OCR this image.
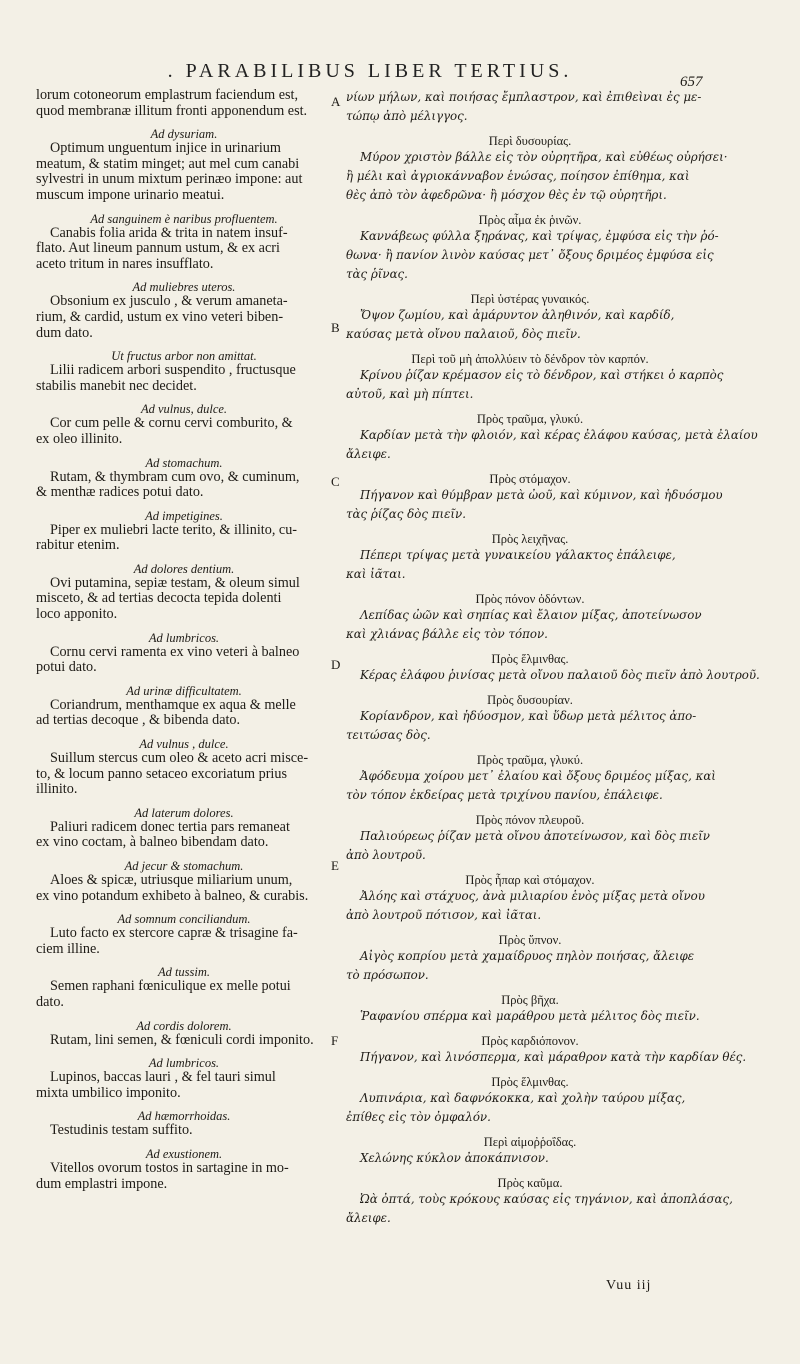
. PARABILIBUS LIBER TERTIUS.	657
lorum cotoneorum emplastrum faciendum est,
quod membranæ illitum fronti apponendum est.

Ad dysuriam.

Optimum unguentum injice in urinarium
meatum, & statim minget; aut mel cum canabi
sylvestri in unum mixtum perinæo impone: aut
muscum impone urinario meatui.

Ad sanguinem è naribus profluentem.

Canabis folia arida & trita in natem insuf-
flato. Aut lineum pannum ustum, & ex acri
aceto tritum in nares insufflato.

Ad muliebres uteros.

Obsonium ex jusculo , & verum amaneta-
rium, & cardid, ustum ex vino veteri biben-
dum dato.

Ut fructus arbor non amittat.

Lilii radicem arbori suspendito , fructusque
stabilis manebit nec decidet.

Ad vulnus, dulce.

Cor cum pelle & cornu cervi comburito, &
ex oleo illinito.

Ad stomachum.

Rutam, & thymbram cum ovo, & cuminum,
& menthæ radices potui dato.

Ad impetigines.

Piper ex muliebri lacte terito, & illinito, cu-
rabitur etenim.

Ad dolores dentium.

Ovi putamina, sepiæ testam, & oleum simul
misceto, & ad tertias decocta tepida dolenti
loco apponito.

Ad lumbricos.

Cornu cervi ramenta ex vino veteri à balneo
potui dato.

Ad urinæ difficultatem.

Coriandrum, menthamque ex aqua & melle
ad tertias decoque , & bibenda dato.

Ad vulnus , dulce.

Suillum stercus cum oleo & aceto acri misce-
to, & locum panno setaceo excoriatum prius
illinito.

Ad laterum dolores.

Paliuri radicem donec tertia pars remaneat
ex vino coctam, à balneo bibendam dato.

Ad jecur & stomachum.

Aloes & spicæ, utriusque miliarium unum,
ex vino potandum exhibeto à balneo, & curabis.

Ad somnum conciliandum.

Luto facto ex stercore capræ & trisagine fa-
ciem illine.

Ad tussim.

Semen raphani fœniculique ex melle potui
dato.

Ad cordis dolorem.

Rutam, lini semen, & fœniculi cordi imponito.

Ad lumbricos.

Lupinos, baccas lauri , & fel tauri simul
mixta umbilico imponito.

Ad hæmorrhoidas.

Testudinis testam suffito.

Ad exustionem.

Vitellos ovorum tostos in sartagine in mo-
dum emplastri impone.
νίων μήλων, καὶ ποιήσας ἔμπλαστρον, καὶ ἐπιθεὶναι ἐς με-
τώπῳ ἀπὸ μέλιγγος.

Περὶ δυσουρίας.

Μύρον χριστὸν βάλλε εἰς τὸν οὐρητῆρα, καὶ εὐθέως οὐρήσει·
ἢ μέλι καὶ ἀγριοκάνναβον ἑνώσας, ποίησον ἐπίθημα, καὶ
θὲς ἀπὸ τὸν ἀφεδρῶνα· ἢ μόσχον θὲς ἐν τῷ οὐρητῆρι.

Πρὸς αἷμα ἐκ ῥινῶν.

Καννάβεως φύλλα ξηράνας, καὶ τρίψας, ἐμφύσα εἰς τὴν ῥό-
θωνα· ἢ πανίον λινὸν καύσας μετ᾽ ὄξους δριμέος ἐμφύσα εἰς
τὰς ῥῖνας.

Περὶ ὑστέρας γυναικός.

Ὄψον ζωμίου, καὶ ἀμάρυντον ἀληθινόν, καὶ καρδίδ,
καύσας μετὰ οἴνου παλαιοῦ, δὸς πιεῖν.

Περὶ τοῦ μὴ ἀπολλύειν τὸ δένδρον τὸν καρπόν.

Κρίνου ῥίζαν κρέμασον εἰς τὸ δένδρον, καὶ στήκει ὁ καρπὸς
αὐτοῦ, καὶ μὴ πίπτει.

Πρὸς τραῦμα, γλυκύ.

Καρδίαν μετὰ τὴν φλοιόν, καὶ κέρας ἐλάφου καύσας, μετὰ ἐλαίου
ἄλειφε.

Πρὸς στόμαχον.

Πήγανον καὶ θύμβραν μετὰ ὠοῦ, καὶ κύμινον, καὶ ἡδυόσμου
τὰς ῥίζας δὸς πιεῖν.

Πρὸς λειχῆνας.

Πέπερι τρίψας μετὰ γυναικείου γάλακτος ἐπάλειφε,
καὶ ἰᾶται.

Πρὸς πόνον ὀδόντων.

Λεπίδας ὠῶν καὶ σηπίας καὶ ἔλαιον μίξας, ἀποτείνωσον
καὶ χλιάνας βάλλε εἰς τὸν τόπον.

Πρὸς ἕλμινθας.

Κέρας ἐλάφου ῥινίσας μετὰ οἴνου παλαιοῦ δὸς πιεῖν ἀπὸ λουτροῦ.

Πρὸς δυσουρίαν.

Κορίανδρον, καὶ ἡδύοσμον, καὶ ὕδωρ μετὰ μέλιτος ἀπο-
τειτώσας δὸς.

Πρὸς τραῦμα, γλυκύ.

Ἀφόδευμα χοίρου μετ᾽ ἐλαίου καὶ ὄξους δριμέος μίξας, καὶ
τὸν τόπον ἐκδείρας μετὰ τριχίνου πανίου, ἐπάλειφε.

Πρὸς πόνον πλευροῦ.

Παλιούρεως ῥίζαν μετὰ οἴνου ἀποτείνωσον, καὶ δὸς πιεῖν
ἀπὸ λουτροῦ.

Πρὸς ἧπαρ καὶ στόμαχον.

Ἀλόης καὶ στάχυος, ἀνὰ μιλιαρίου ἑνὸς μίξας μετὰ οἴνου
ἀπὸ λουτροῦ πότισον, καὶ ἰᾶται.

Πρὸς ὕπνον.

Αἰγὸς κοπρίου μετὰ χαμαίδρυος πηλὸν ποιήσας, ἄλειφε
τὸ πρόσωπον.

Πρὸς βῆχα.

Ῥαφανίου σπέρμα καὶ μαράθρου μετὰ μέλιτος δὸς πιεῖν.

Πρὸς καρδιόπονον.

Πήγανον, καὶ λινόσπερμα, καὶ μάραθρον κατὰ τὴν καρδίαν θές.

Πρὸς ἕλμινθας.

Λυπινάρια, καὶ δαφνόκοκκα, καὶ χολὴν ταύρου μίξας,
ἐπίθες εἰς τὸν ὀμφαλόν.

Περὶ αἱμοῤῥοΐδας.

Χελώνης κύκλον ἀποκάπνισον.

Πρὸς καῦμα.

Ὠὰ ὀπτά, τοὺς κρόκους καύσας εἰς τηγάνιον, καὶ ἀποπλάσας,
ἄλειφε.
A
B
C
D
E
F
Vuu iij
